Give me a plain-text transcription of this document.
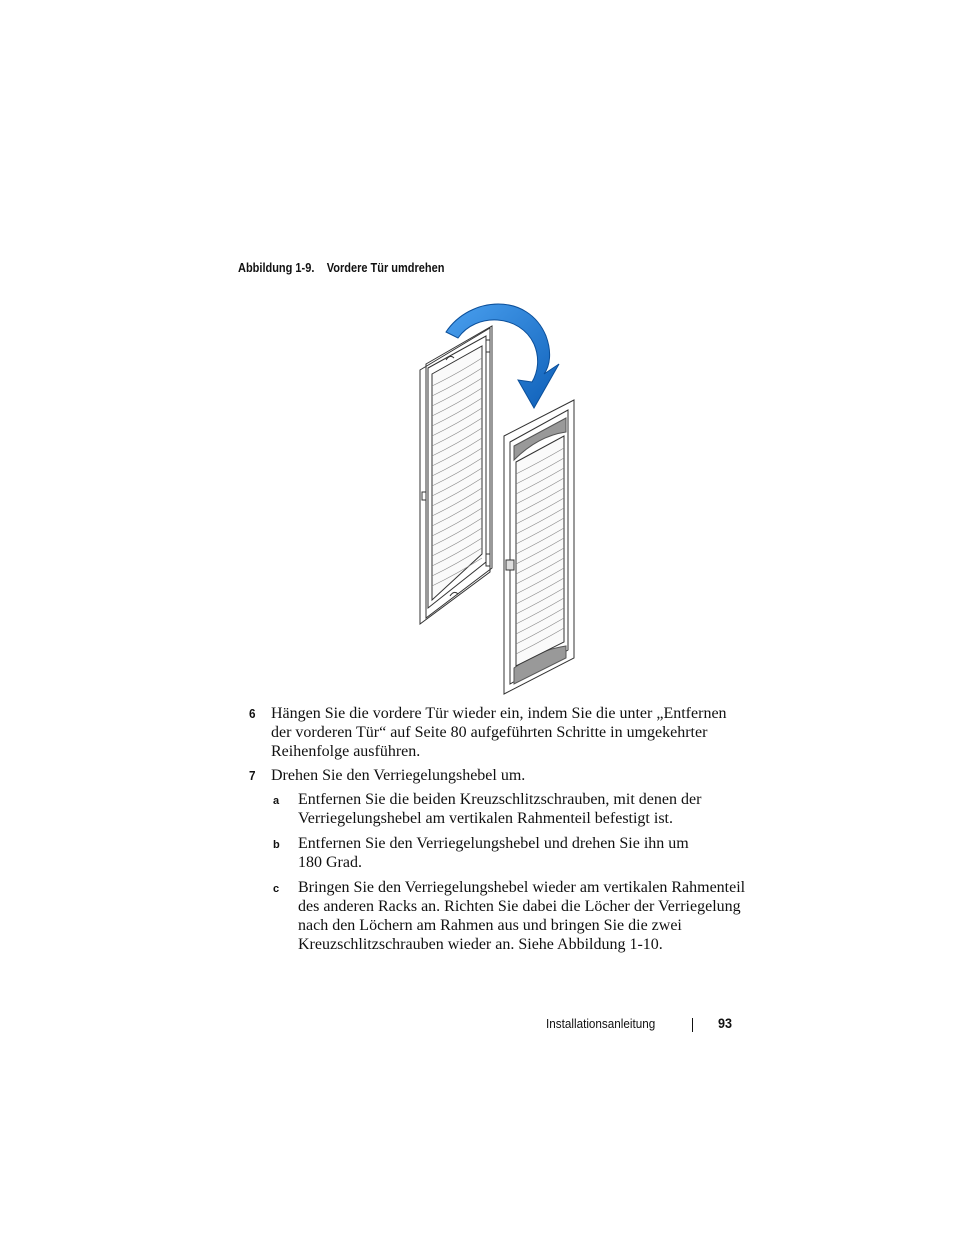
Abbildung 1-9. Vordere Tür umdrehen
6 Hängen Sie die vordere Tür wieder ein, indem Sie die unter „Entfernen
der vorderen Tür“ auf Seite 80 aufgeführten Schritte in umgekehrter
Reihenfolge ausführen.
7 Drehen Sie den Verriegelungshebel um.
a Entfernen Sie die beiden Kreuzschlitzschrauben, mit denen der
Verriegelungshebel am vertikalen Rahmenteil befestigt ist.
b Entfernen Sie den Verriegelungshebel und drehen Sie ihn um
180 Grad.
c Bringen Sie den Verriegelungshebel wieder am vertikalen Rahmenteil
des anderen Racks an. Richten Sie dabei die Löcher der Verriegelung
nach den Löchern am Rahmen aus und bringen Sie die zwei
Kreuzschlitzschrauben wieder an. Siehe Abbildung 1-10.
Installationsanleitung	93
